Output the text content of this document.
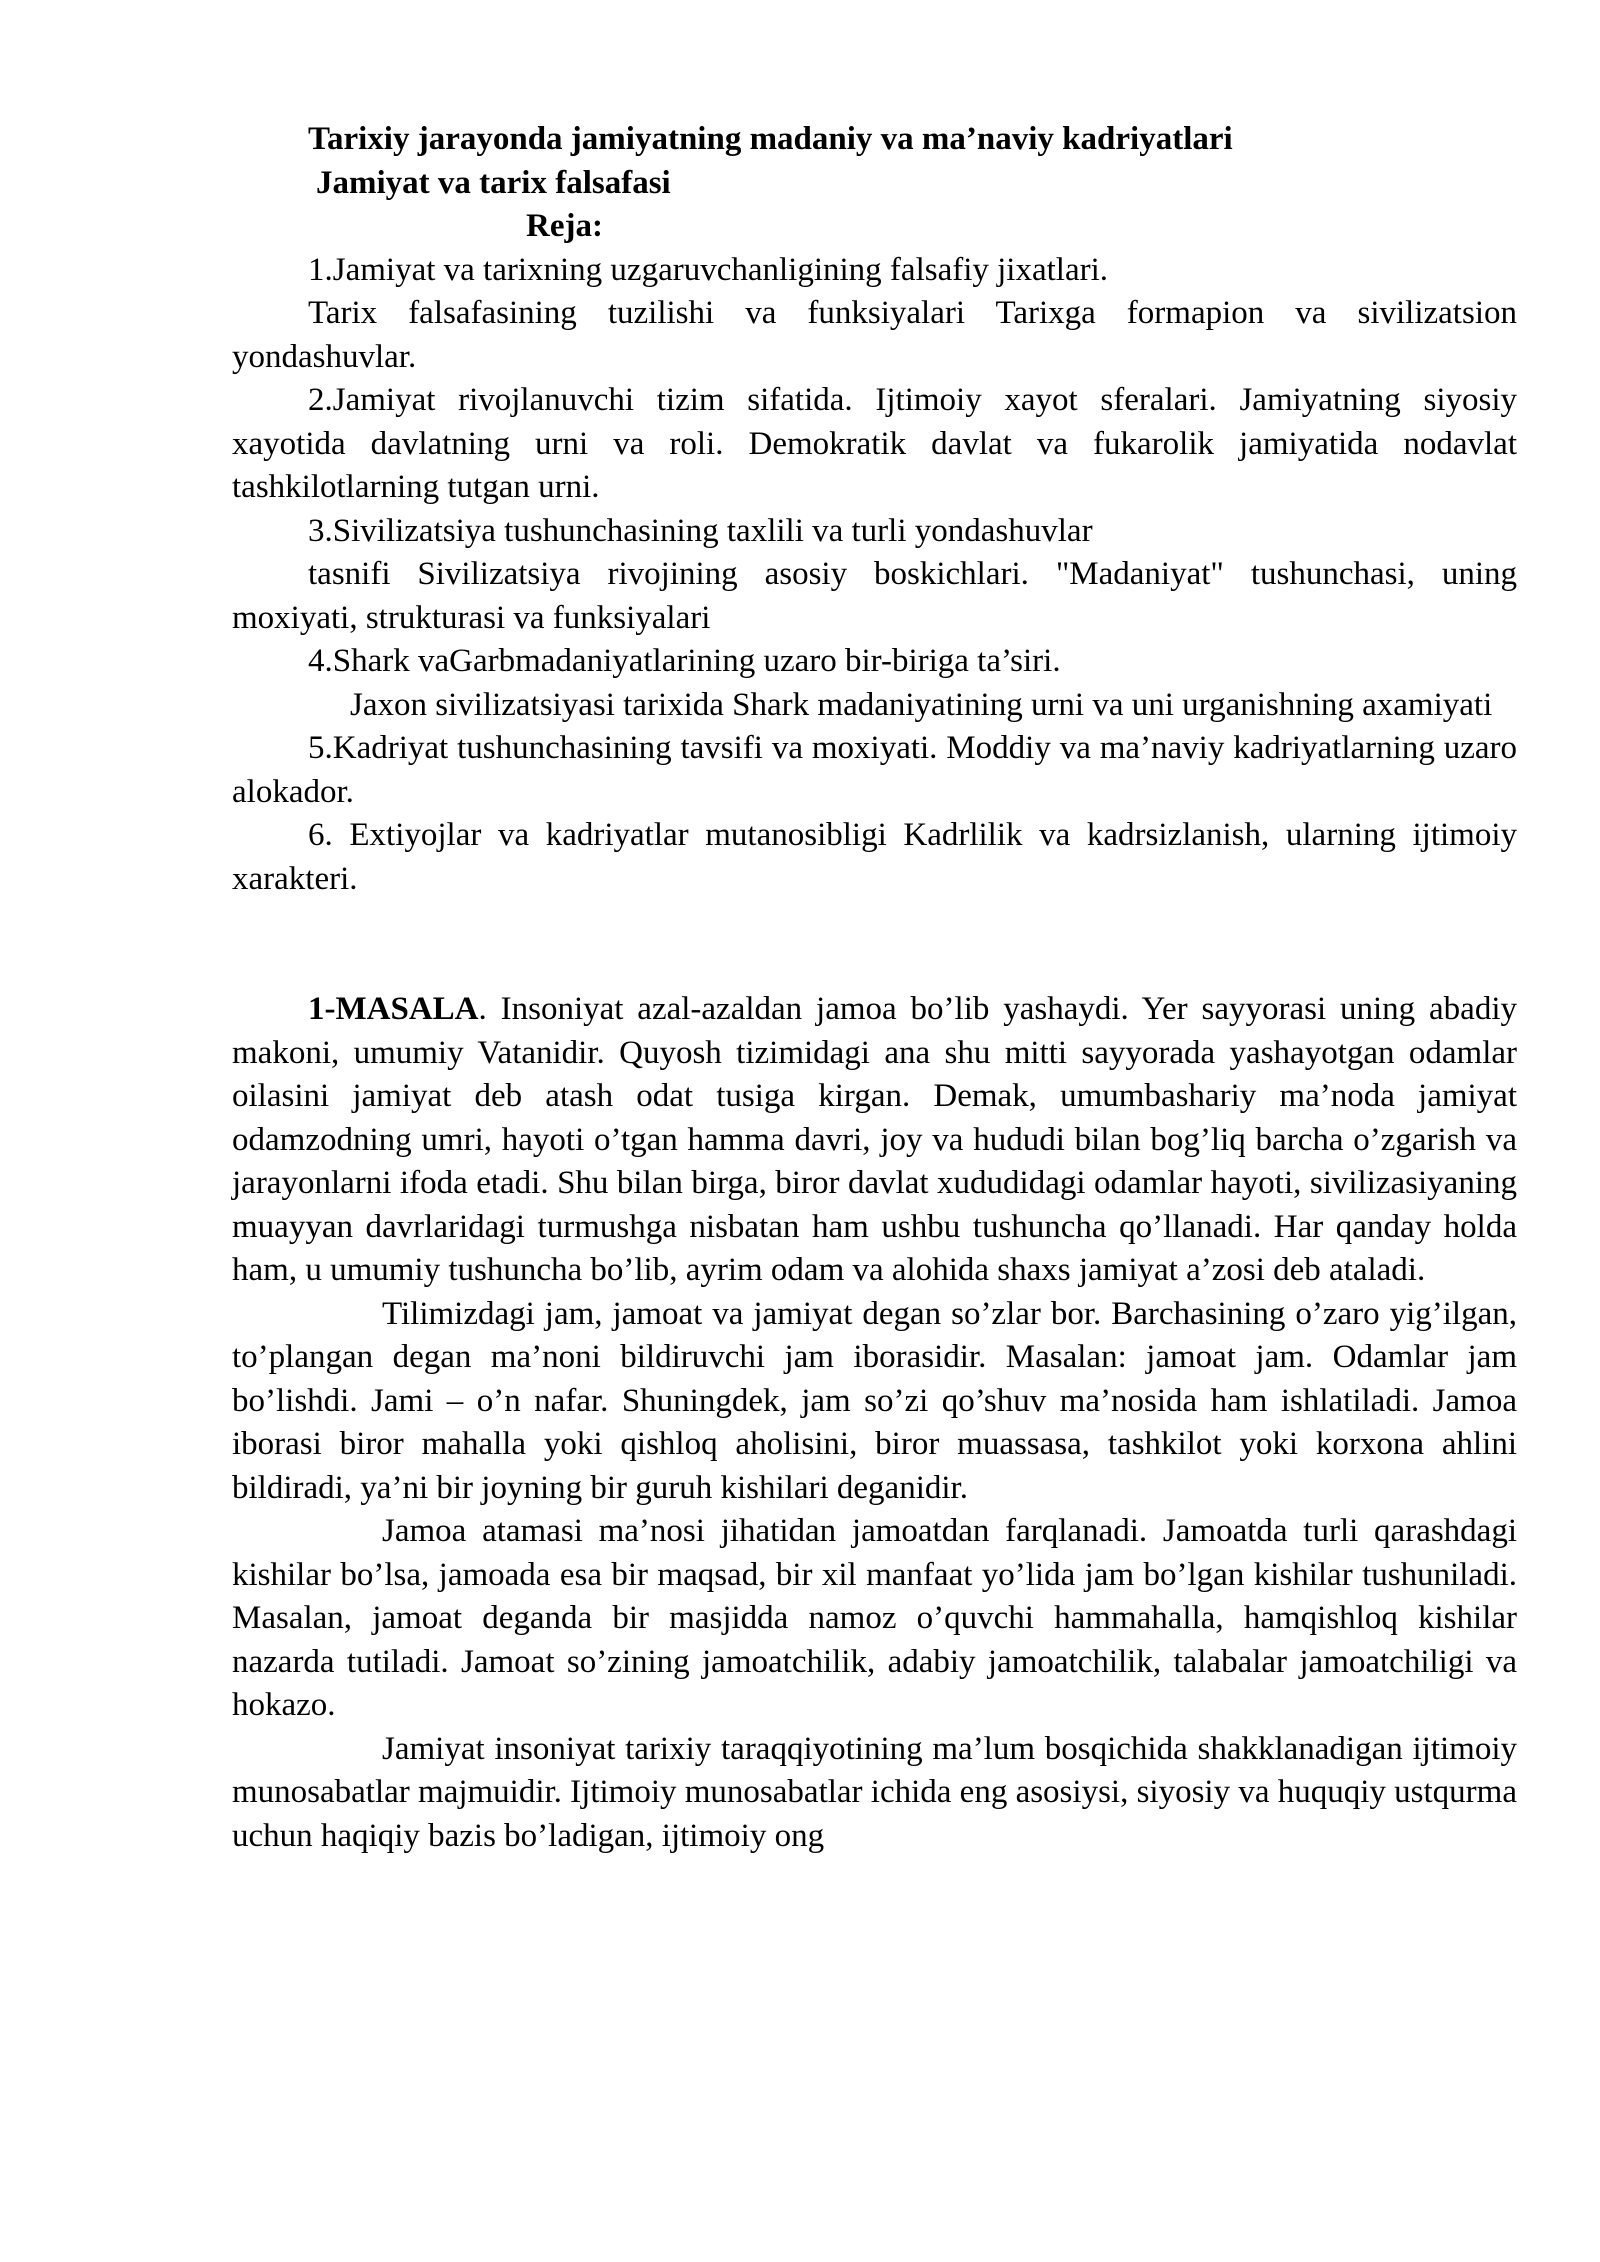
Tarixiy jarayonda jamiyatning madaniy va ma’naviy kadriyatlari

Jamiyat va tarix falsafasi

Reja:

1.Jamiyat va tarixning uzgaruvchanligining falsafiy jixatlari.

Tarix falsafasining tuzilishi va funksiyalari Tarixga formapion va sivilizatsion yondashuvlar.

2.Jamiyat rivojlanuvchi tizim sifatida. Ijtimoiy xayot sferalari. Jamiyatning siyosiy xayotida davlatning urni va roli. Demokratik davlat va fukarolik jamiyatida nodavlat tashkilotlarning tutgan urni.

3.Sivilizatsiya tushunchasining taxlili va turli yondashuvlar

tasnifi Sivilizatsiya rivojining asosiy boskichlari. "Madaniyat" tushunchasi, uning moxiyati, strukturasi va funksiyalari

4.Shark vaGarbmadaniyatlarining uzaro bir-biriga ta’siri.

Jaxon sivilizatsiyasi tarixida Shark madaniyatining urni va uni urganishning axamiyati

5.Kadriyat tushunchasining tavsifi va moxiyati. Moddiy va ma’naviy kadriyatlarning uzaro alokador.

6. Extiyojlar va kadriyatlar mutanosibligi Kadrlilik va kadrsizlanish, ularning ijtimoiy xarakteri.

1-MASALA. Insoniyat azal-azaldan jamoa bo’lib yashaydi. Yer sayyorasi uning abadiy makoni, umumiy Vatanidir. Quyosh tizimidagi ana shu mitti sayyorada yashayotgan odamlar oilasini jamiyat deb atash odat tusiga kirgan. Demak, umumbashariy ma’noda jamiyat odamzodning umri, hayoti o’tgan hamma davri, joy va hududi bilan bog’liq barcha o’zgarish va jarayonlarni ifoda etadi. Shu bilan birga, biror davlat xududidagi odamlar hayoti, sivilizasiyaning muayyan davrlaridagi turmushga nisbatan ham ushbu tushuncha qo’llanadi. Har qanday holda ham, u umumiy tushuncha bo’lib, ayrim odam va alohida shaxs jamiyat a’zosi deb ataladi.

Tilimizdagi jam, jamoat va jamiyat degan so’zlar bor. Barchasining o’zaro yig’ilgan, to’plangan degan ma’noni bildiruvchi jam iborasidir. Masalan: jamoat jam. Odamlar jam bo’lishdi. Jami – o’n nafar. Shuningdek, jam so’zi qo’shuv ma’nosida ham ishlatiladi. Jamoa iborasi biror mahalla yoki qishloq aholisini, biror muassasa, tashkilot yoki korxona ahlini bildiradi, ya’ni bir joyning bir guruh kishilari deganidir.

Jamoa atamasi ma’nosi jihatidan jamoatdan farqlanadi. Jamoatda turli qarashdagi kishilar bo’lsa, jamoada esa bir maqsad, bir xil manfaat yo’lida jam bo’lgan kishilar tushuniladi. Masalan, jamoat deganda bir masjidda namoz o’quvchi hammahalla, hamqishloq kishilar nazarda tutiladi. Jamoat so’zining jamoatchilik, adabiy jamoatchilik, talabalar jamoatchiligi va hokazo.

Jamiyat insoniyat tarixiy taraqqiyotining ma’lum bosqichida shakklanadigan ijtimoiy munosabatlar majmuidir. Ijtimoiy munosabatlar ichida eng asosiysi, siyosiy va huquqiy ustqurma uchun haqiqiy bazis bo’ladigan, ijtimoiy ong
